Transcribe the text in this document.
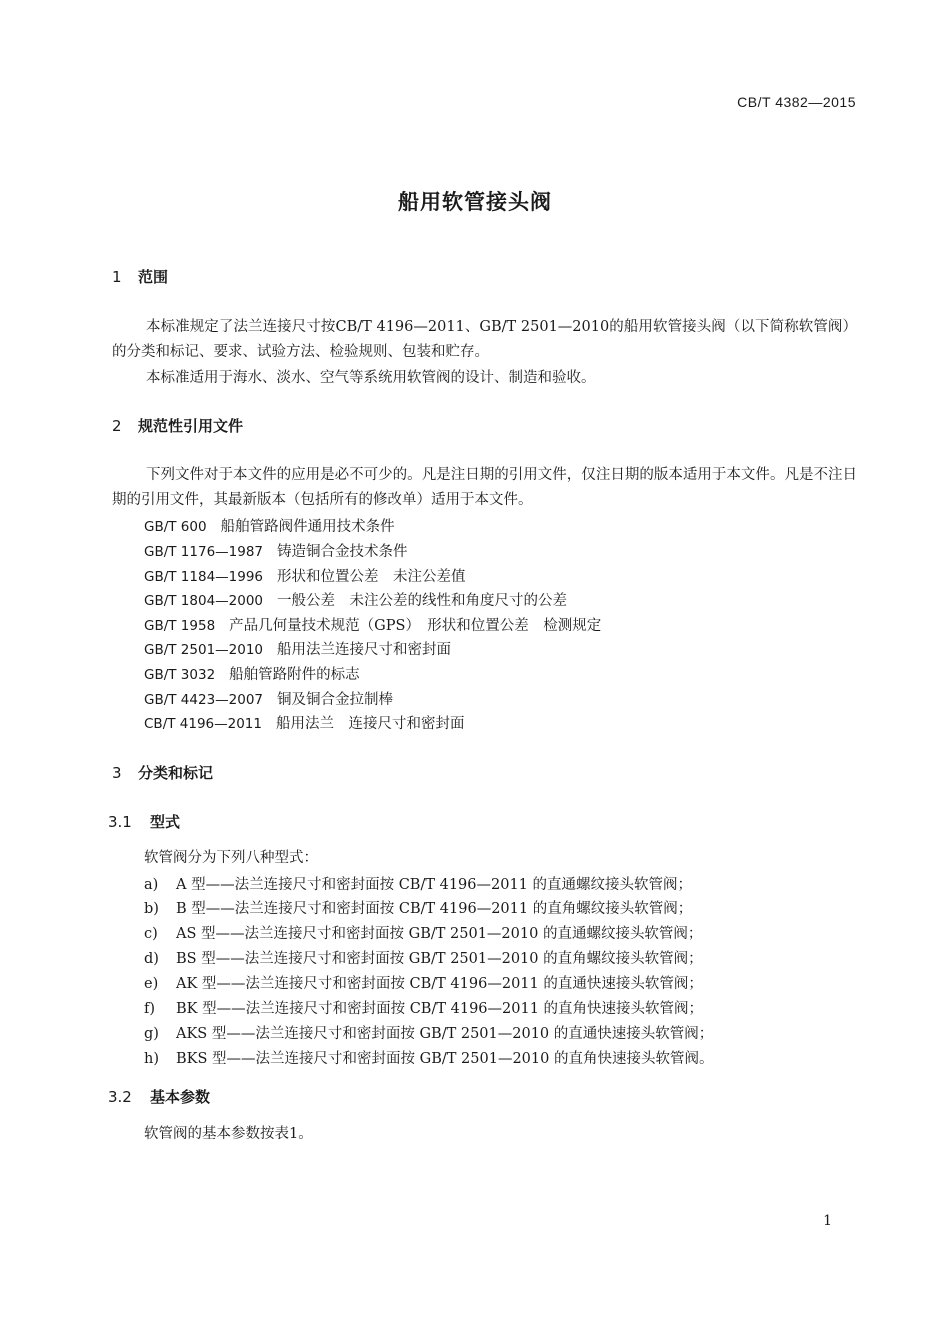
CB/T 4382—2015
船用软管接头阀
1 范围
本标准规定了法兰连接尺寸按CB/T 4196—2011、GB/T 2501—2010的船用软管接头阀（以下简称软管阀）的分类和标记、要求、试验方法、检验规则、包装和贮存。
本标准适用于海水、淡水、空气等系统用软管阀的设计、制造和验收。
2 规范性引用文件
下列文件对于本文件的应用是必不可少的。凡是注日期的引用文件，仅注日期的版本适用于本文件。凡是不注日期的引用文件，其最新版本（包括所有的修改单）适用于本文件。
GB/T 600 船舶管路阀件通用技术条件
GB/T 1176—1987 铸造铜合金技术条件
GB/T 1184—1996 形状和位置公差　未注公差值
GB/T 1804—2000 一般公差　未注公差的线性和角度尺寸的公差
GB/T 1958 产品几何量技术规范（GPS）　形状和位置公差　检测规定
GB/T 2501—2010 船用法兰连接尺寸和密封面
GB/T 3032 船舶管路附件的标志
GB/T 4423—2007 铜及铜合金拉制棒
CB/T 4196—2011 船用法兰　连接尺寸和密封面
3 分类和标记
3.1 型式
软管阀分为下列八种型式：
a) A 型——法兰连接尺寸和密封面按 CB/T 4196—2011 的直通螺纹接头软管阀；
b) B 型——法兰连接尺寸和密封面按 CB/T 4196—2011 的直角螺纹接头软管阀；
c) AS 型——法兰连接尺寸和密封面按 GB/T 2501—2010 的直通螺纹接头软管阀；
d) BS 型——法兰连接尺寸和密封面按 GB/T 2501—2010 的直角螺纹接头软管阀；
e) AK 型——法兰连接尺寸和密封面按 CB/T 4196—2011 的直通快速接头软管阀；
f) BK 型——法兰连接尺寸和密封面按 CB/T 4196—2011 的直角快速接头软管阀；
g) AKS 型——法兰连接尺寸和密封面按 GB/T 2501—2010 的直通快速接头软管阀；
h) BKS 型——法兰连接尺寸和密封面按 GB/T 2501—2010 的直角快速接头软管阀。
3.2 基本参数
软管阀的基本参数按表1。
1
